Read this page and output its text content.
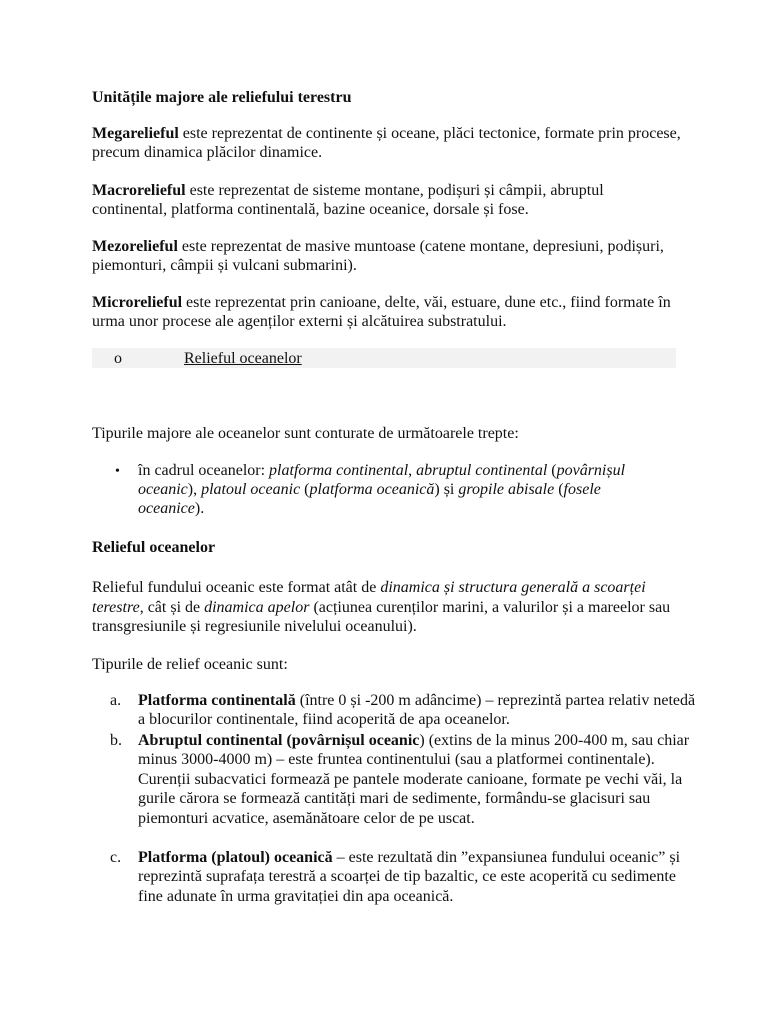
Unitățile majore ale reliefului terestru
Megarelieful este reprezentat de continente și oceane, plăci tectonice, formate prin procese, precum dinamica plăcilor dinamice.
Macrorelieful este reprezentat de sisteme montane, podișuri și câmpii, abruptul continental, platforma continentală, bazine oceanice, dorsale și fose.
Mezorelieful este reprezentat de masive muntoase (catene montane, depresiuni, podișuri, piemonturi, câmpii și vulcani submarini).
Microrelieful este reprezentat prin canioane, delte, văi, estuare, dune etc., fiind formate în urma unor procese ale agenților externi și alcătuirea substratului.
o	Relieful oceanelor
Tipurile majore ale oceanelor sunt conturate de următoarele trepte:
• în cadrul oceanelor: platforma continental, abruptul continental (povârnișul oceanic), platoul oceanic (platforma oceanică) și gropile abisale (fosele oceanice).
Relieful oceanelor
Relieful fundului oceanic este format atât de dinamica și structura generală a scoarței terestre, cât și de dinamica apelor (acțiunea curenților marini, a valurilor și a mareelor sau transgresiunile și regresiunile nivelului oceanului).
Tipurile de relief oceanic sunt:
a. Platforma continentală (între 0 și -200 m adâncime) – reprezintă partea relativ netedă a blocurilor continentale, fiind acoperită de apa oceanelor.
b. Abruptul continental (povârnișul oceanic) (extins de la minus 200-400 m, sau chiar minus 3000-4000 m) – este fruntea continentului (sau a platformei continentale). Curenții subacvatici formează pe pantele moderate canioane, formate pe vechi văi, la gurile cărora se formează cantități mari de sedimente, formându-se glacisuri sau piemonturi acvatice, asemănătoare celor de pe uscat.
c. Platforma (platoul) oceanică – este rezultată din ”expansiunea fundului oceanic” și reprezintă suprafața terestră a scoarței de tip bazaltic, ce este acoperită cu sedimente fine adunate în urma gravitației din apa oceanică.
